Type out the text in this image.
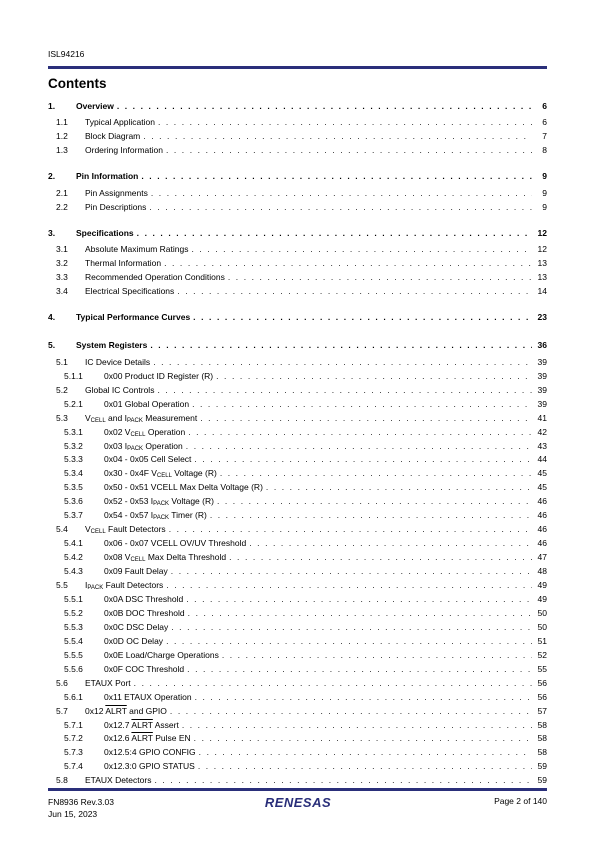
ISL94216
Contents
1.	Overview . . .	6
1.1	Typical Application . . .	6
1.2	Block Diagram . . .	7
1.3	Ordering Information . . .	8
2.	Pin Information . . .	9
2.1	Pin Assignments . . .	9
2.2	Pin Descriptions . . .	9
3.	Specifications . . .	12
3.1	Absolute Maximum Ratings . . .	12
3.2	Thermal Information . . .	13
3.3	Recommended Operation Conditions . . .	13
3.4	Electrical Specifications . . .	14
4.	Typical Performance Curves . . .	23
5.	System Registers . . .	36
5.1	IC Device Details . . .	39
5.1.1	0x00 Product ID Register (R) . . .	39
5.2	Global IC Controls . . .	39
5.2.1	0x01 Global Operation . . .	39
5.3	VCELL and IPACK Measurement . . .	41
5.3.1	0x02 VCELL Operation . . .	42
5.3.2	0x03 IPACK Operation . . .	43
5.3.3	0x04 - 0x05 Cell Select . . .	44
5.3.4	0x30 - 0x4F VCELL Voltage (R) . . .	45
5.3.5	0x50 - 0x51 VCELL Max Delta Voltage (R) . . .	45
5.3.6	0x52 - 0x53 IPACK Voltage (R) . . .	46
5.3.7	0x54 - 0x57 IPACK Timer (R) . . .	46
5.4	VCELL Fault Detectors . . .	46
5.4.1	0x06 - 0x07 VCELL OV/UV Threshold . . .	46
5.4.2	0x08 VCELL Max Delta Threshold . . .	47
5.4.3	0x09 Fault Delay . . .	48
5.5	IPACK Fault Detectors . . .	49
5.5.1	0x0A DSC Threshold . . .	49
5.5.2	0x0B DOC Threshold . . .	50
5.5.3	0x0C DSC Delay . . .	50
5.5.4	0x0D OC Delay . . .	51
5.5.5	0x0E Load/Charge Operations . . .	52
5.5.6	0x0F COC Threshold . . .	55
5.6	ETAUX Port . . .	56
5.6.1	0x11 ETAUX Operation . . .	56
5.7	0x12 ALRT and GPIO . . .	57
5.7.1	0x12.7 ALRT Assert . . .	58
5.7.2	0x12.6 ALRT Pulse EN . . .	58
5.7.3	0x12.5:4 GPIO CONFIG . . .	58
5.7.4	0x12.3:0 GPIO STATUS . . .	59
5.8	ETAUX Detectors . . .	59
FN8936 Rev.3.03
Jun 15, 2023
RENESAS	Page 2 of 140
